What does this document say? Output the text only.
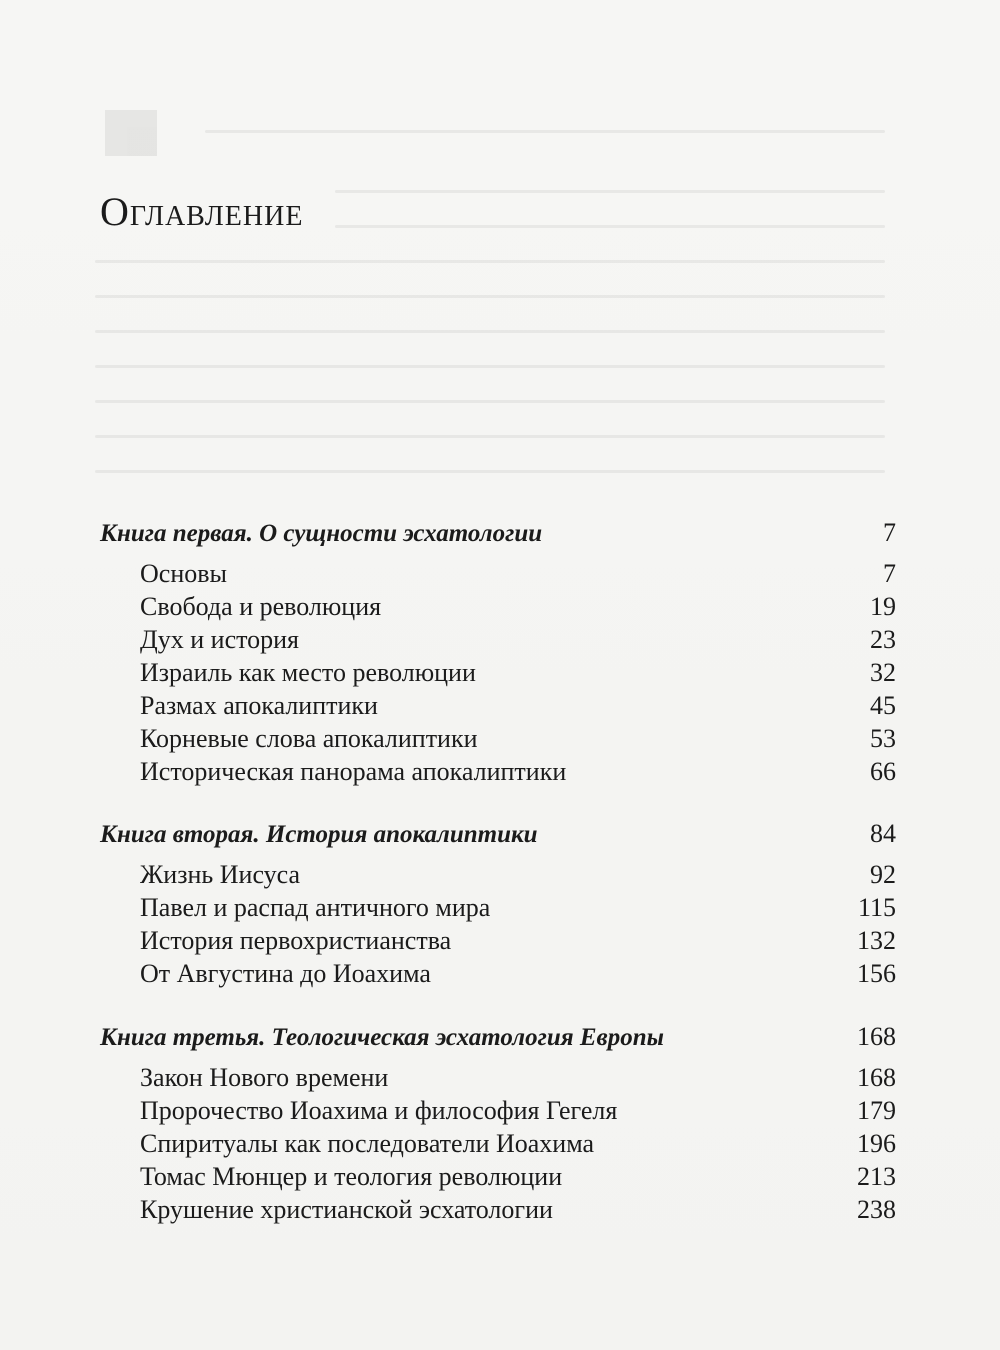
Оглавление
Книга первая. О сущности эсхатологии	7
Основы	7
Свобода и революция	19
Дух и история	23
Израиль как место революции	32
Размах апокалиптики	45
Корневые слова апокалиптики	53
Историческая панорама апокалиптики	66
Книга вторая. История апокалиптики	84
Жизнь Иисуса	92
Павел и распад античного мира	115
История первохристианства	132
От Августина до Иоахима	156
Книга третья. Теологическая эсхатология Европы	168
Закон Нового времени	168
Пророчество Иоахима и философия Гегеля	179
Спиритуалы как последователи Иоахима	196
Томас Мюнцер и теология революции	213
Крушение христианской эсхатологии	238
